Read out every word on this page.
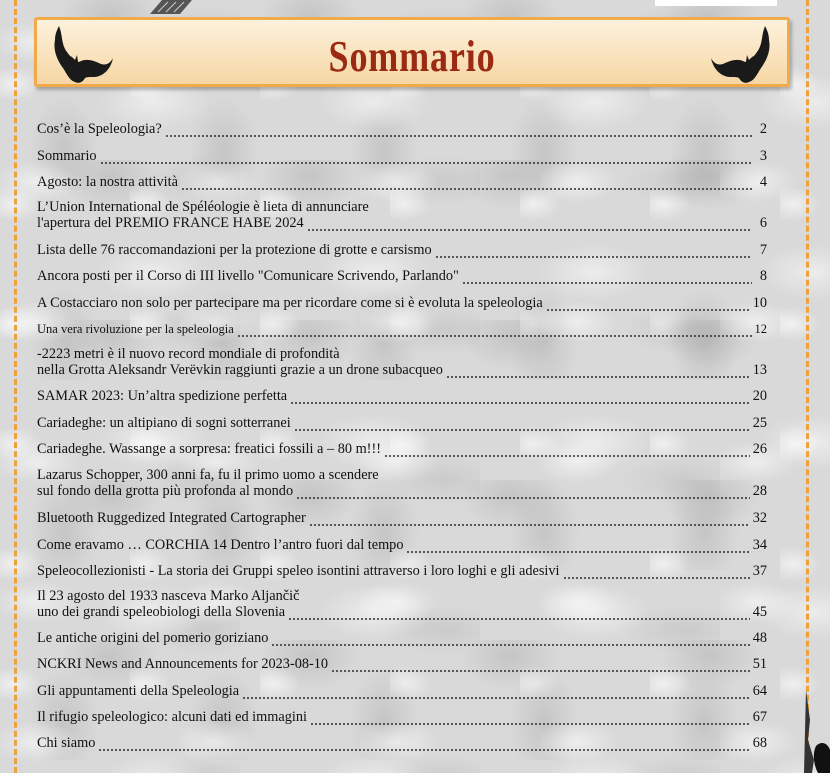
Sommario
Cos’è la Speleologia?	2
Sommario	3
Agosto: la nostra attività	4
L’Union International de Spéléologie è lieta di annunciare
l'apertura del PREMIO FRANCE HABE 2024	6
Lista delle 76 raccomandazioni per la protezione di grotte e carsismo	7
Ancora posti per il Corso di III livello "Comunicare Scrivendo, Parlando"	8
A Costacciaro non solo per partecipare ma per ricordare come si è evoluta la speleologia	10
Una vera rivoluzione per la speleologia	12
-2223 metri è il nuovo record mondiale di profondità
nella Grotta Aleksandr Verëvkin raggiunti grazie a un drone subacqueo	13
SAMAR 2023: Un’altra spedizione perfetta	20
Cariadeghe: un altipiano di sogni sotterranei	25
Cariadeghe. Wassange a sorpresa: freatici fossili a – 80 m!!!	26
Lazarus Schopper, 300 anni fa, fu il primo uomo a scendere
sul fondo della grotta più profonda al mondo	28
Bluetooth Ruggedized Integrated Cartographer	32
Come eravamo … CORCHIA 14 Dentro l’antro fuori dal tempo	34
Speleocollezionisti - La storia dei Gruppi speleo isontini attraverso i loro loghi e gli adesivi	37
Il 23 agosto del 1933 nasceva Marko Aljančič
uno dei grandi speleobiologi della Slovenia	45
Le antiche origini del pomerio goriziano	48
NCKRI News and Announcements for 2023-08-10	51
Gli appuntamenti della Speleologia	64
Il rifugio speleologico: alcuni dati ed immagini	67
Chi siamo	68
